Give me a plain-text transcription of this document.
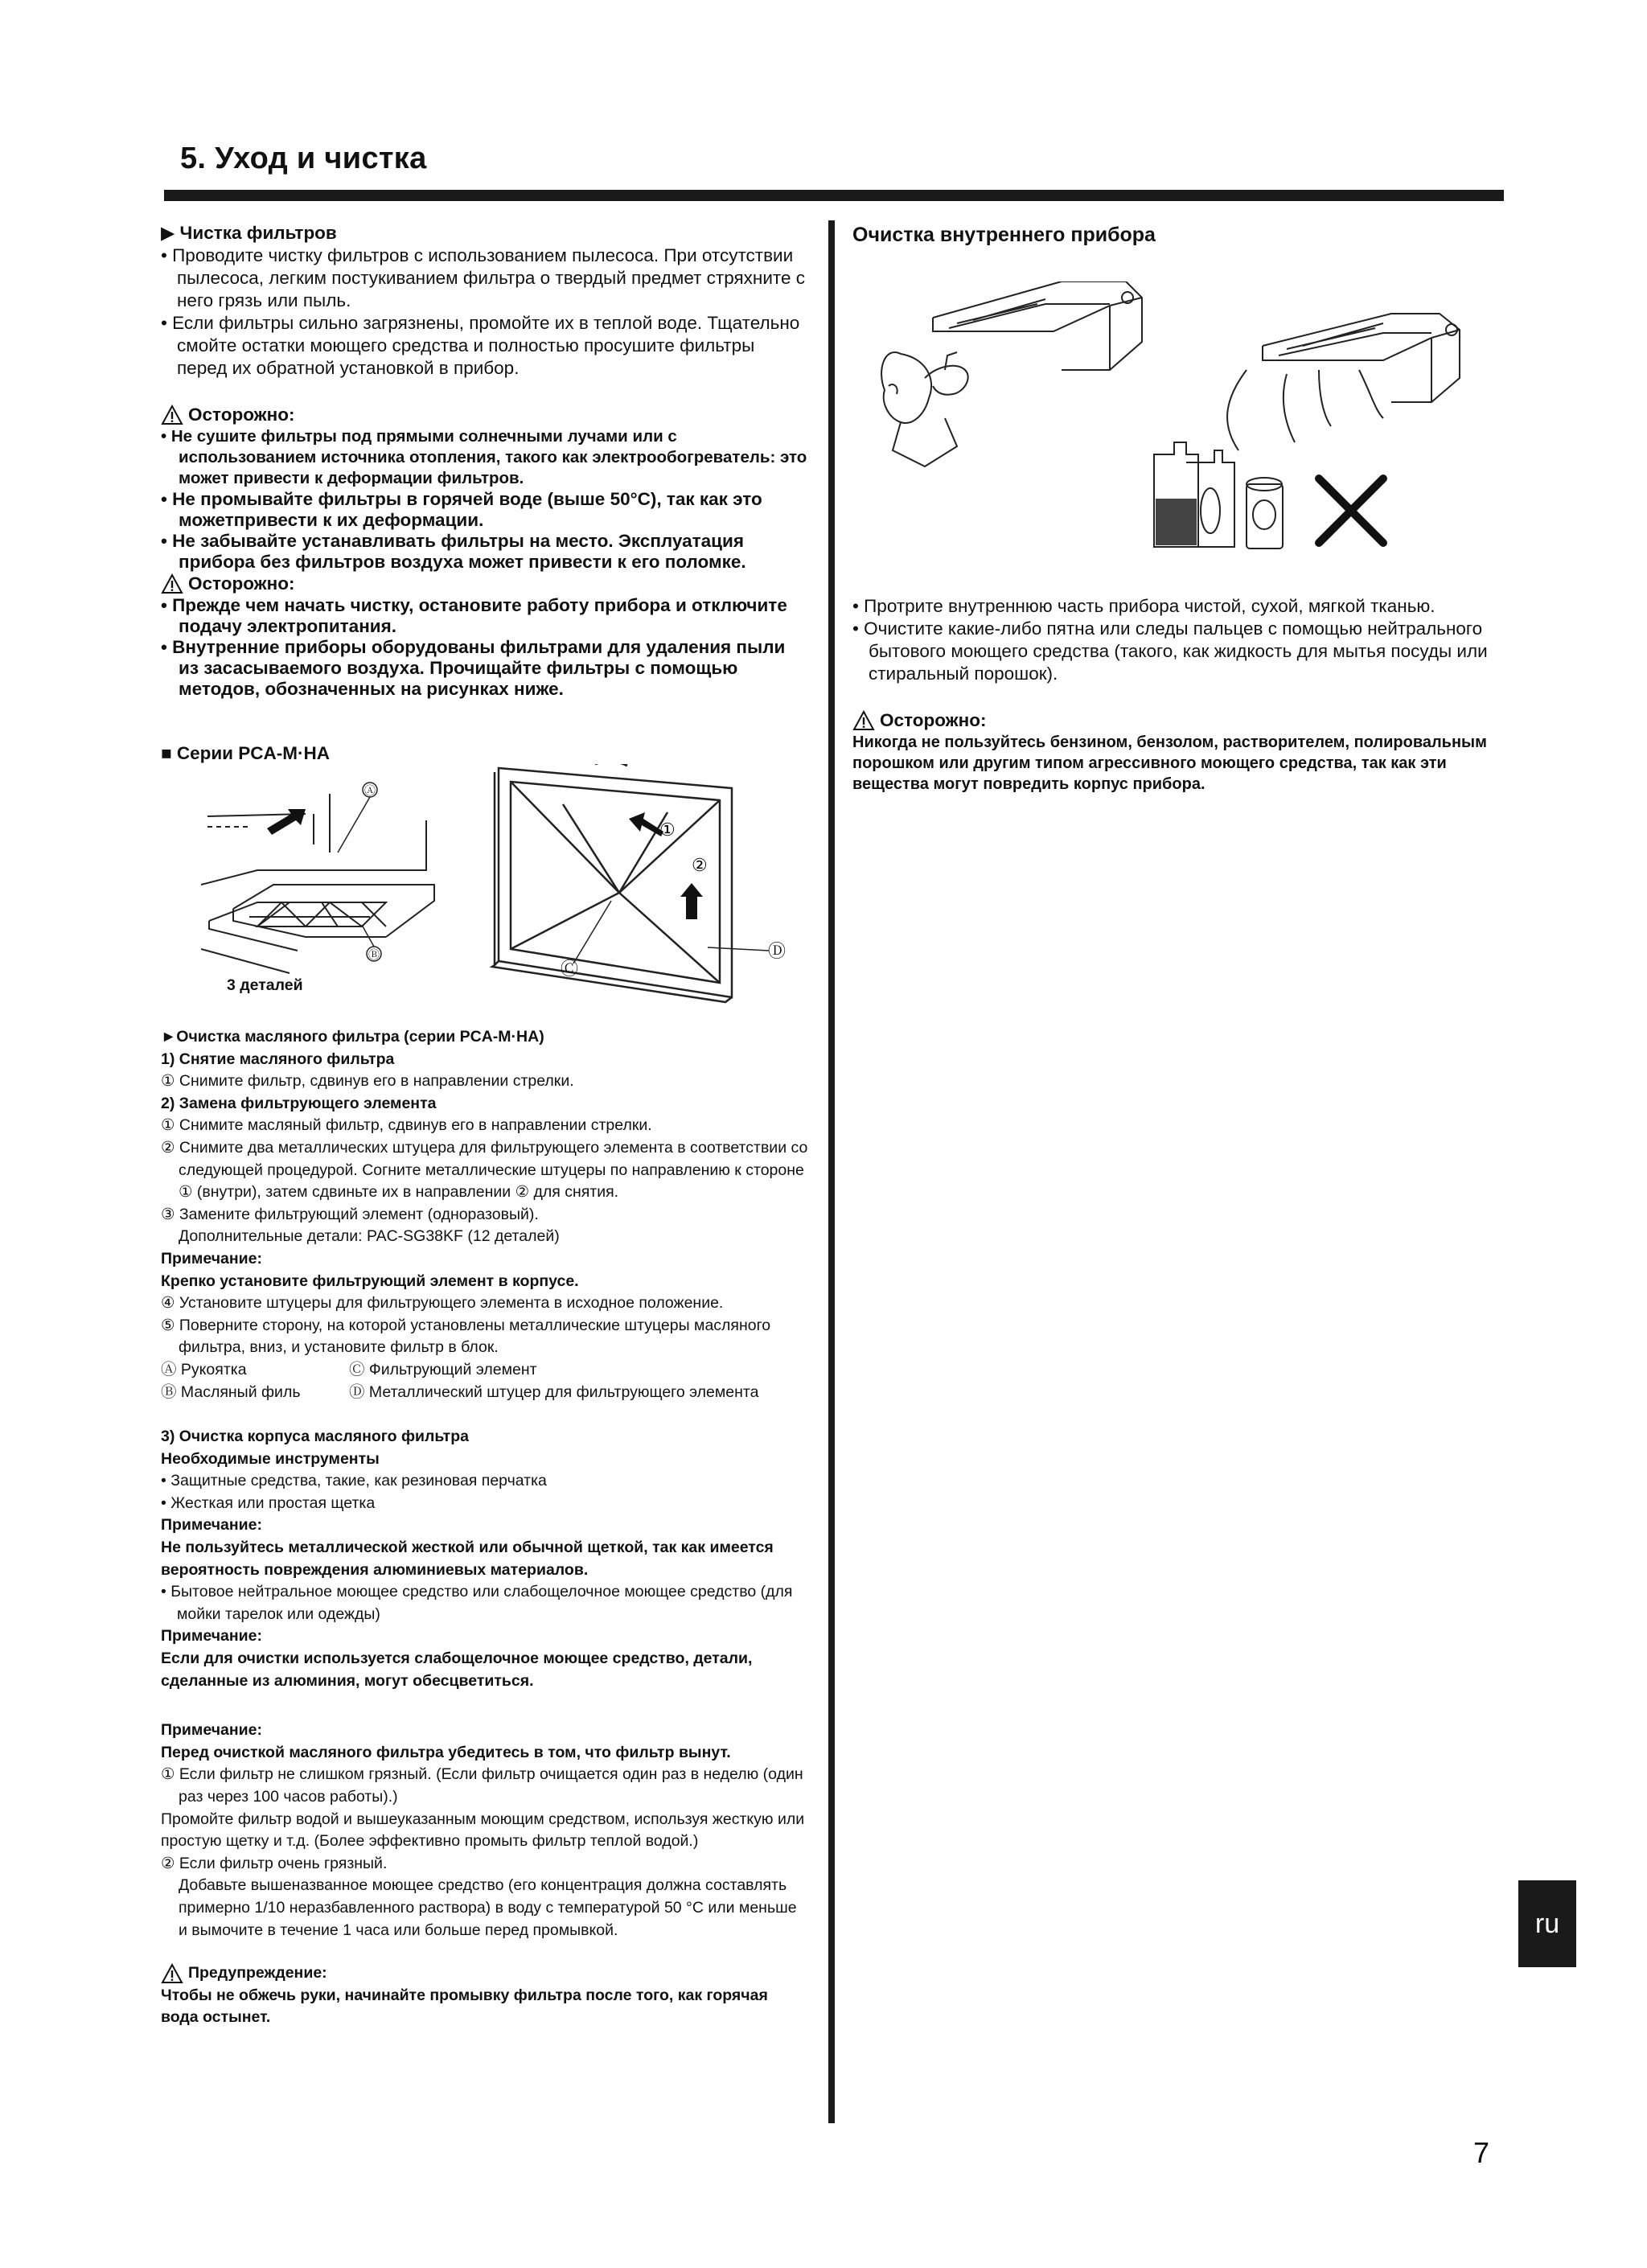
5. Уход и чистка

▶ Чистка фильтров

• Проводите чистку фильтров с использованием пылесоса. При отсутствии пылесоса, легким постукиванием фильтра о твердый предмет стряхните с него грязь или пыль.

• Если фильтры сильно загрязнены, промойте их в теплой воде. Тщательно смойте остатки моющего средства и полностью просушите фильтры перед их обратной установкой в прибор.

Осторожно:

• Не сушите фильтры под прямыми солнечными лучами или с использованием источника отопления, такого как электрообогреватель: это может привести к деформации фильтров.

• Не промывайте фильтры в горячей воде (выше 50°C), так как это можетпривести к их деформации.

• Не забывайте устанавливать фильтры на место. Эксплуатация прибора без фильтров воздуха может привести к его поломке.

Осторожно:

• Прежде чем начать чистку, остановите работу прибора и отключите подачу электропитания.

• Внутренние приборы оборудованы фильтрами для удаления пыли из засасываемого воздуха. Прочищайте фильтры с помощью методов, обозначенных на рисунках ниже.

■ Серии PCA-M·HA
Ⓐ
Ⓑ
①
②
Ⓒ
Ⓓ
3 деталей

►Очистка масляного фильтра (серии PCA-M·HA)

1) Снятие масляного фильтра

① Снимите фильтр, сдвинув его в направлении стрелки.

2) Замена фильтрующего элемента

① Снимите масляный фильтр, сдвинув его в направлении стрелки.

② Снимите два металлических штуцера для фильтрующего элемента в соответствии со следующей процедурой. Согните металлические штуцеры по направлению к стороне ① (внутри), затем сдвиньте их в направлении ② для снятия.

③ Замените фильтрующий элемент (одноразовый).

Дополнительные детали: PAC-SG38KF (12 деталей)

Примечание:

Крепко установите фильтрующий элемент в корпусе.

④ Установите штуцеры для фильтрующего элемента в исходное положение.

⑤ Поверните сторону, на которой установлены металлические штуцеры масляного фильтра, вниз, и установите фильтр в блок.

Ⓐ Рукоятка

Ⓑ Масляный филь

Ⓒ Фильтрующий элемент

Ⓓ Металлический штуцер для фильтрующего элемента

3) Очистка корпуса масляного фильтра

Необходимые инструменты

• Защитные средства, такие, как резиновая перчатка

• Жесткая или простая щетка

Примечание:

Не пользуйтесь металлической жесткой или обычной щеткой, так как имеется вероятность повреждения алюминиевых материалов.

• Бытовое нейтральное моющее средство или слабощелочное моющее средство (для мойки тарелок или одежды)

Примечание:

Если для очистки используется слабощелочное моющее средство, детали, сделанные из алюминия, могут обесцветиться.

Примечание:

Перед очисткой масляного фильтра убедитесь в том, что фильтр вынут.

① Если фильтр не слишком грязный. (Если фильтр очищается один раз в неделю (один раз через 100 часов работы).)

Промойте фильтр водой и вышеуказанным моющим средством, используя жесткую или простую щетку и т.д. (Более эффективно промыть фильтр теплой водой.)

② Если фильтр очень грязный.

Добавьте вышеназванное моющее средство (его концентрация должна составлять примерно 1/10 неразбавленного раствора) в воду с температурой 50 °C или меньше и вымочите в течение 1 часа или больше перед промывкой.

Предупреждение:

Чтобы не обжечь руки, начинайте промывку фильтра после того, как горячая вода остынет.

Очистка внутреннего прибора

• Протрите внутреннюю часть прибора чистой, сухой, мягкой тканью.

• Очистите какие-либо пятна или следы пальцев с помощью нейтрального бытового моющего средства (такого, как жидкость для мытья посуды или стиральный порошок).

Осторожно:

Никогда не пользуйтесь бензином, бензолом, растворителем, полировальным порошком или другим типом агрессивного моющего средства, так как эти вещества могут повредить корпус прибора.

ru
7
